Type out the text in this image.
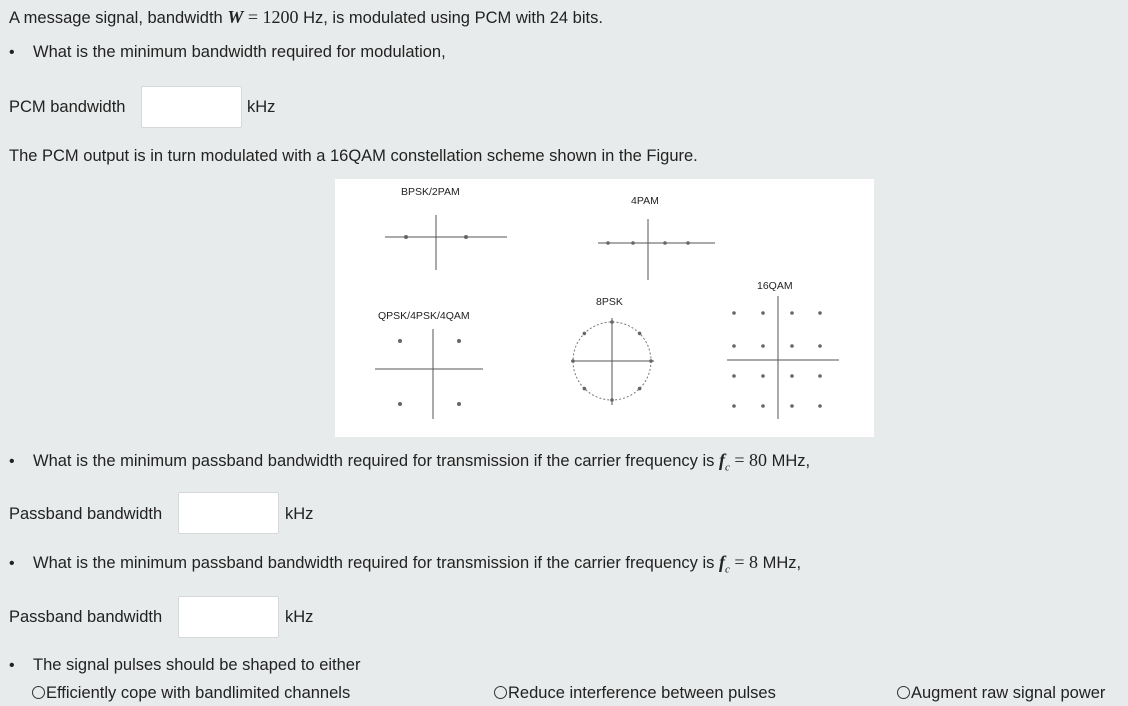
A message signal, bandwidth W = 1200 Hz, is modulated using PCM with 24 bits.
• What is the minimum bandwidth required for modulation,
PCM bandwidth	kHz
The PCM output is in turn modulated with a 16QAM constellation scheme shown in the Figure.
BPSK/2PAM
4PAM
16QAM
8PSK
QPSK/4PSK/4QAM
• What is the minimum passband bandwidth required for transmission if the carrier frequency is $f_c = 80$ MHz,
Passband bandwidth	kHz
• What is the minimum passband bandwidth required for transmission if the carrier frequency is $f_c = 8$ MHz,
Passband bandwidth	kHz
• The signal pulses should be shaped to either
Efficiently cope with bandlimited channels	Reduce interference between pulses	Augment raw signal power
